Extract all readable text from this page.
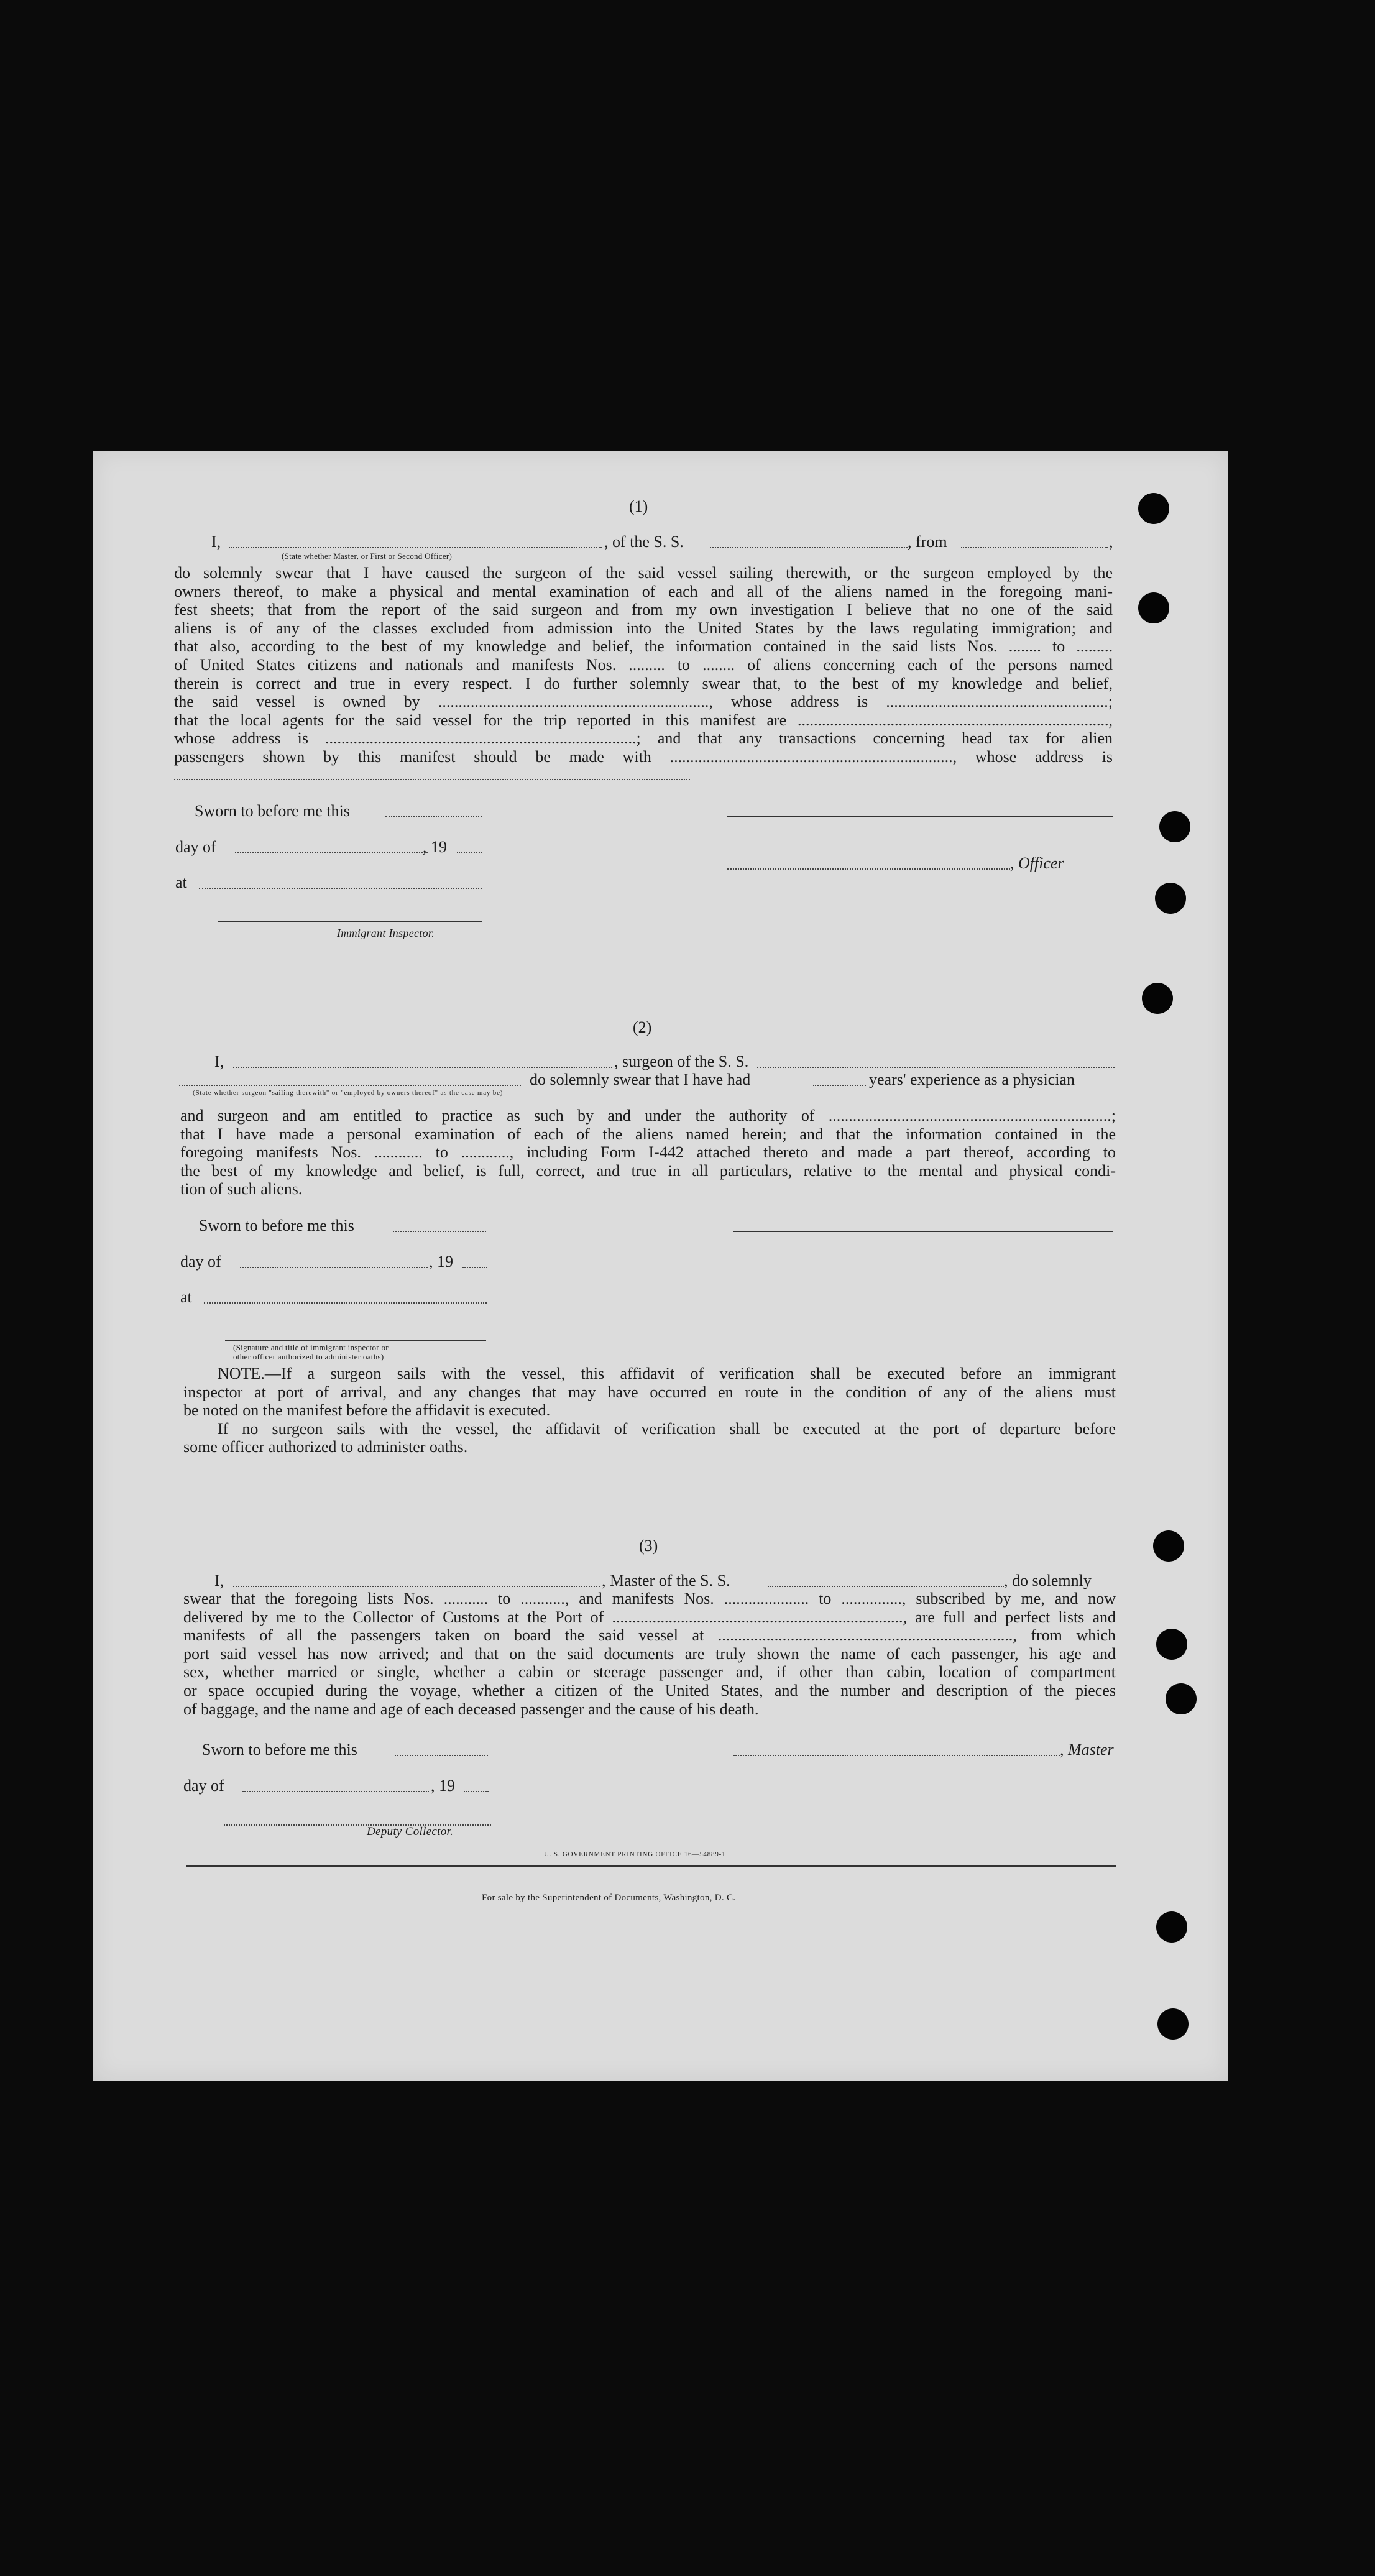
(1)
I,	, of the S. S.	, from	,
(State whether Master, or First or Second Officer)
do solemnly swear that I have caused the surgeon of the said vessel sailing therewith, or the surgeon employed by the
owners thereof, to make a physical and mental examination of each and all of the aliens named in the foregoing mani-
fest sheets; that from the report of the said surgeon and from my own investigation I believe that no one of the said
aliens is of any of the classes excluded from admission into the United States by the laws regulating immigration; and
that also, according to the best of my knowledge and belief, the information contained in the said lists Nos. ........ to .........
of United States citizens and nationals and manifests Nos. ......... to ........ of aliens concerning each of the persons named
therein is correct and true in every respect. I do further solemnly swear that, to the best of my knowledge and belief,
the said vessel is owned by ..................................................................., whose address is .......................................................;
that the local agents for the said vessel for the trip reported in this manifest are .............................................................................,
whose address is .............................................................................; and that any transactions concerning head tax for alien
passengers shown by this manifest should be made with ......................................................................, whose address is
Sworn to before me this
day of	, 19
, Officer
at
Immigrant Inspector.
(2)
I,	, surgeon of the S. S.
do solemnly swear that I have had	years' experience as a physician
(State whether surgeon "sailing therewith" or "employed by owners thereof" as the case may be)
and surgeon and am entitled to practice as such by and under the authority of ......................................................................;
that I have made a personal examination of each of the aliens named herein; and that the information contained in the
foregoing manifests Nos. ............ to ............, including Form I-442 attached thereto and made a part thereof, according to
the best of my knowledge and belief, is full, correct, and true in all particulars, relative to the mental and physical condi-
tion of such aliens.
Sworn to before me this
day of	, 19
at
(Signature and title of immigrant inspector or
other officer authorized to administer oaths)
NOTE.—If a surgeon sails with the vessel, this affidavit of verification shall be executed before an immigrant
inspector at port of arrival, and any changes that may have occurred en route in the condition of any of the aliens must
be noted on the manifest before the affidavit is executed.
If no surgeon sails with the vessel, the affidavit of verification shall be executed at the port of departure before
some officer authorized to administer oaths.
(3)
I,	, Master of the S. S.	, do solemnly
swear that the foregoing lists Nos. ........... to ..........., and manifests Nos. ..................... to ..............., subscribed by me, and now
delivered by me to the Collector of Customs at the Port of ........................................................................, are full and perfect lists and
manifests of all the passengers taken on board the said vessel at ........................................................................., from which
port said vessel has now arrived; and that on the said documents are truly shown the name of each passenger, his age and
sex, whether married or single, whether a cabin or steerage passenger and, if other than cabin, location of compartment
or space occupied during the voyage, whether a citizen of the United States, and the number and description of the pieces
of baggage, and the name and age of each deceased passenger and the cause of his death.
Sworn to before me this	, Master
day of	, 19
Deputy Collector.
U. S. GOVERNMENT PRINTING OFFICE 16—54889-1
For sale by the Superintendent of Documents, Washington, D. C.
